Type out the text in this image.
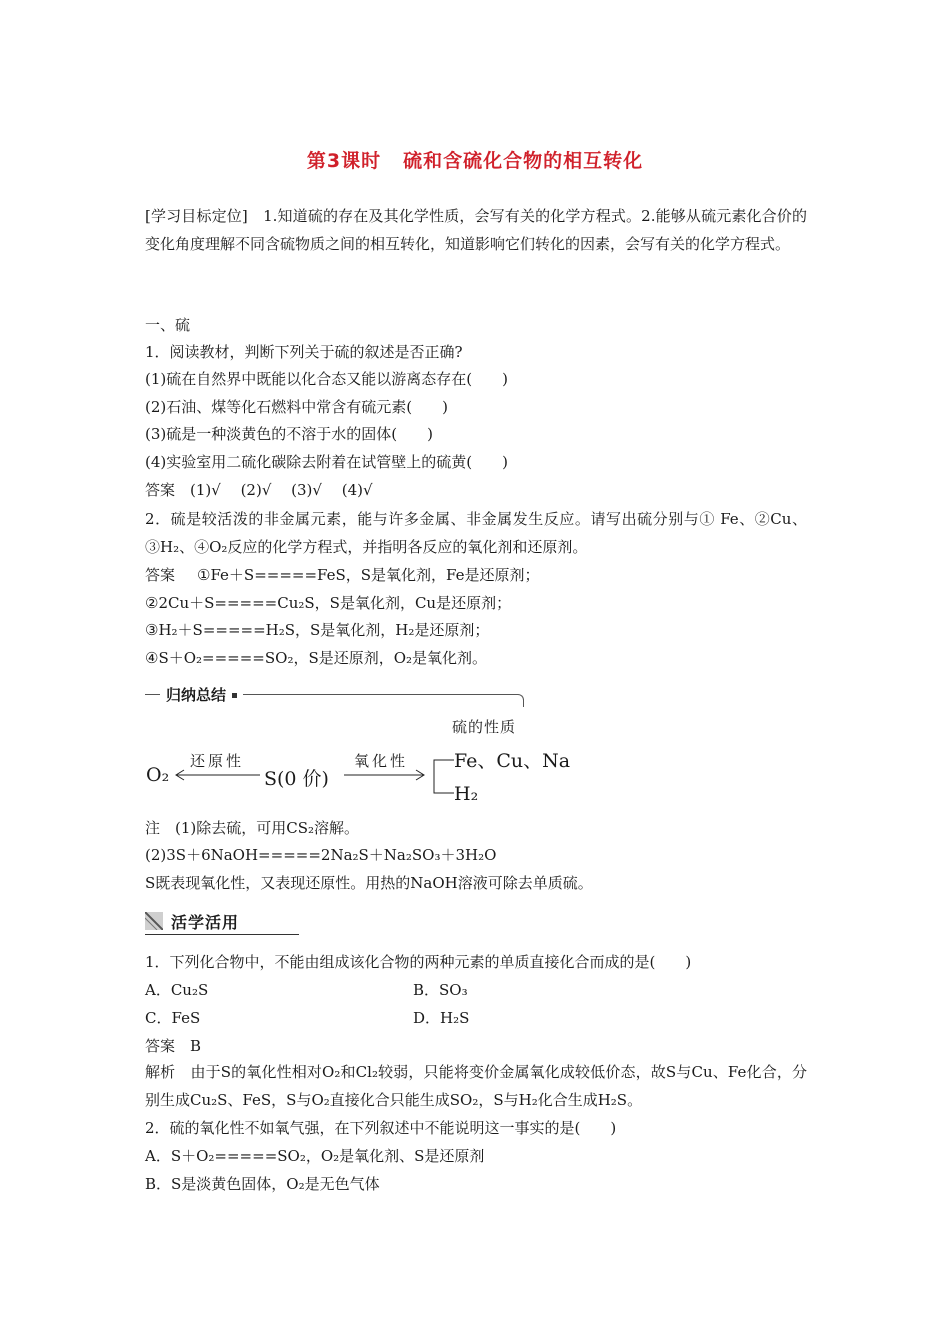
第3课时 硫和含硫化合物的相互转化
[学习目标定位]　1.知道硫的存在及其化学性质，会写有关的化学方程式。2.能够从硫元素化合价的变化角度理解不同含硫物质之间的相互转化，知道影响它们转化的因素，会写有关的化学方程式。
一、硫
1．阅读教材，判断下列关于硫的叙述是否正确?
(1)硫在自然界中既能以化合态又能以游离态存在(　　)
(2)石油、煤等化石燃料中常含有硫元素(　　)
(3)硫是一种淡黄色的不溶于水的固体(　　)
(4)实验室用二硫化碳除去附着在试管壁上的硫黄(　　)
答案　(1)√　 (2)√　 (3)√　 (4)√
2．硫是较活泼的非金属元素，能与许多金属、非金属发生反应。请写出硫分别与① Fe、②Cu、③H₂、④O₂反应的化学方程式，并指明各反应的氧化剂和还原剂。
答案 ①Fe＋S=====FeS，S是氧化剂，Fe是还原剂；
②2Cu＋S=====Cu₂S，S是氧化剂，Cu是还原剂；
③H₂＋S=====H₂S，S是氧化剂，H₂是还原剂；
④S＋O₂=====SO₂，S是还原剂，O₂是氧化剂。
归纳总结
硫的性质
O₂
还原性
S(0 价)
氧化性 Fe、Cu、Na
H₂
注　(1)除去硫，可用CS₂溶解。
(2)3S＋6NaOH=====2Na₂S＋Na₂SO₃＋3H₂O
S既表现氧化性，又表现还原性。用热的NaOH溶液可除去单质硫。
活学活用
1．下列化合物中，不能由组成该化合物的两种元素的单质直接化合而成的是(　　)
A．Cu₂S	B．SO₃
C．FeS	D．H₂S
答案　B
解析　由于S的氧化性相对O₂和Cl₂较弱，只能将变价金属氧化成较低价态，故S与Cu、Fe化合，分别生成Cu₂S、FeS，S与O₂直接化合只能生成SO₂，S与H₂化合生成H₂S。
2．硫的氧化性不如氧气强，在下列叙述中不能说明这一事实的是(　　)
A．S＋O₂=====SO₂，O₂是氧化剂、S是还原剂
B．S是淡黄色固体，O₂是无色气体
